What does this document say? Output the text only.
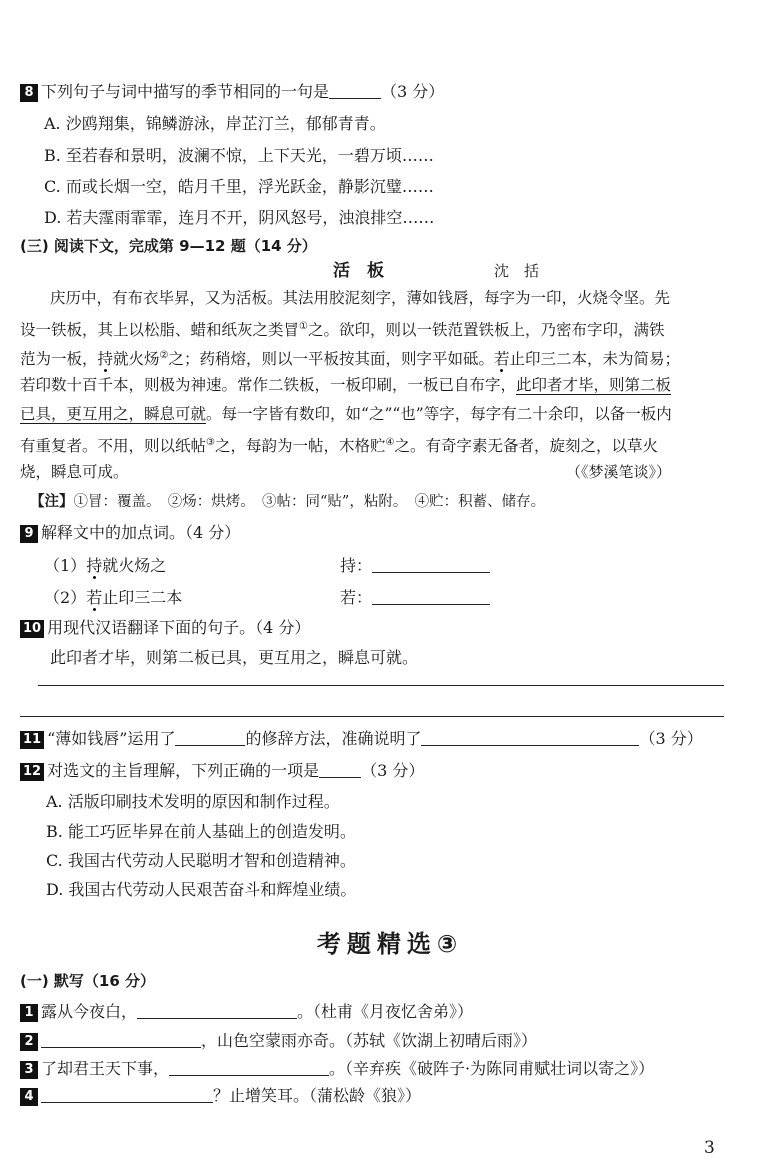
8 下列句子与词中描写的季节相同的一句是	（3 分）
A. 沙鸥翔集，锦鳞游泳，岸芷汀兰，郁郁青青。
B. 至若春和景明，波澜不惊，上下天光，一碧万顷……
C. 而或长烟一空，皓月千里，浮光跃金，静影沉璧……
D. 若夫霪雨霏霏，连月不开，阴风怒号，浊浪排空……
(三) 阅读下文，完成第 9—12 题（14 分）
活　板	沈　括
庆历中，有布衣毕昇，又为活板。其法用胶泥刻字，薄如钱唇，每字为一印，火烧令坚。先
设一铁板，其上以松脂、蜡和纸灰之类冒①之。欲印，则以一铁范置铁板上，乃密布字印，满铁
范为一板，持就火炀②之；药稍熔，则以一平板按其面，则字平如砥。若止印三二本，未为简易；
若印数十百千本，则极为神速。常作二铁板，一板印刷，一板已自布字，此印者才毕，则第二板
已具，更互用之，瞬息可就。每一字皆有数印，如“之”“也”等字，每字有二十余印，以备一板内
有重复者。不用，则以纸帖③之，每韵为一帖，木格贮④之。有奇字素无备者，旋刻之，以草火
烧，瞬息可成。	（《梦溪笔谈》）
【注】①冒：覆盖。　②炀：烘烤。　③帖：同“贴”，粘附。　④贮：积蓄、储存。
9 解释文中的加点词。（4 分）
（1）持就火炀之	持：
（2）若止印三二本	若：
10 用现代汉语翻译下面的句子。（4 分）
此印者才毕，则第二板已具，更互用之，瞬息可就。
11 “薄如钱唇”运用了	的修辞方法，准确说明了	（3 分）
12 对选文的主旨理解，下列正确的一项是	（3 分）
A. 活版印刷技术发明的原因和制作过程。
B. 能工巧匠毕昇在前人基础上的创造发明。
C. 我国古代劳动人民聪明才智和创造精神。
D. 我国古代劳动人民艰苦奋斗和辉煌业绩。
考题精选③
(一) 默写（16 分）
1 露从今夜白，	。（杜甫《月夜忆舍弟》）
2	，山色空蒙雨亦奇。（苏轼《饮湖上初晴后雨》）
3 了却君王天下事，	。（辛弃疾《破阵子·为陈同甫赋壮词以寄之》）
4	？止增笑耳。（蒲松龄《狼》）
3
